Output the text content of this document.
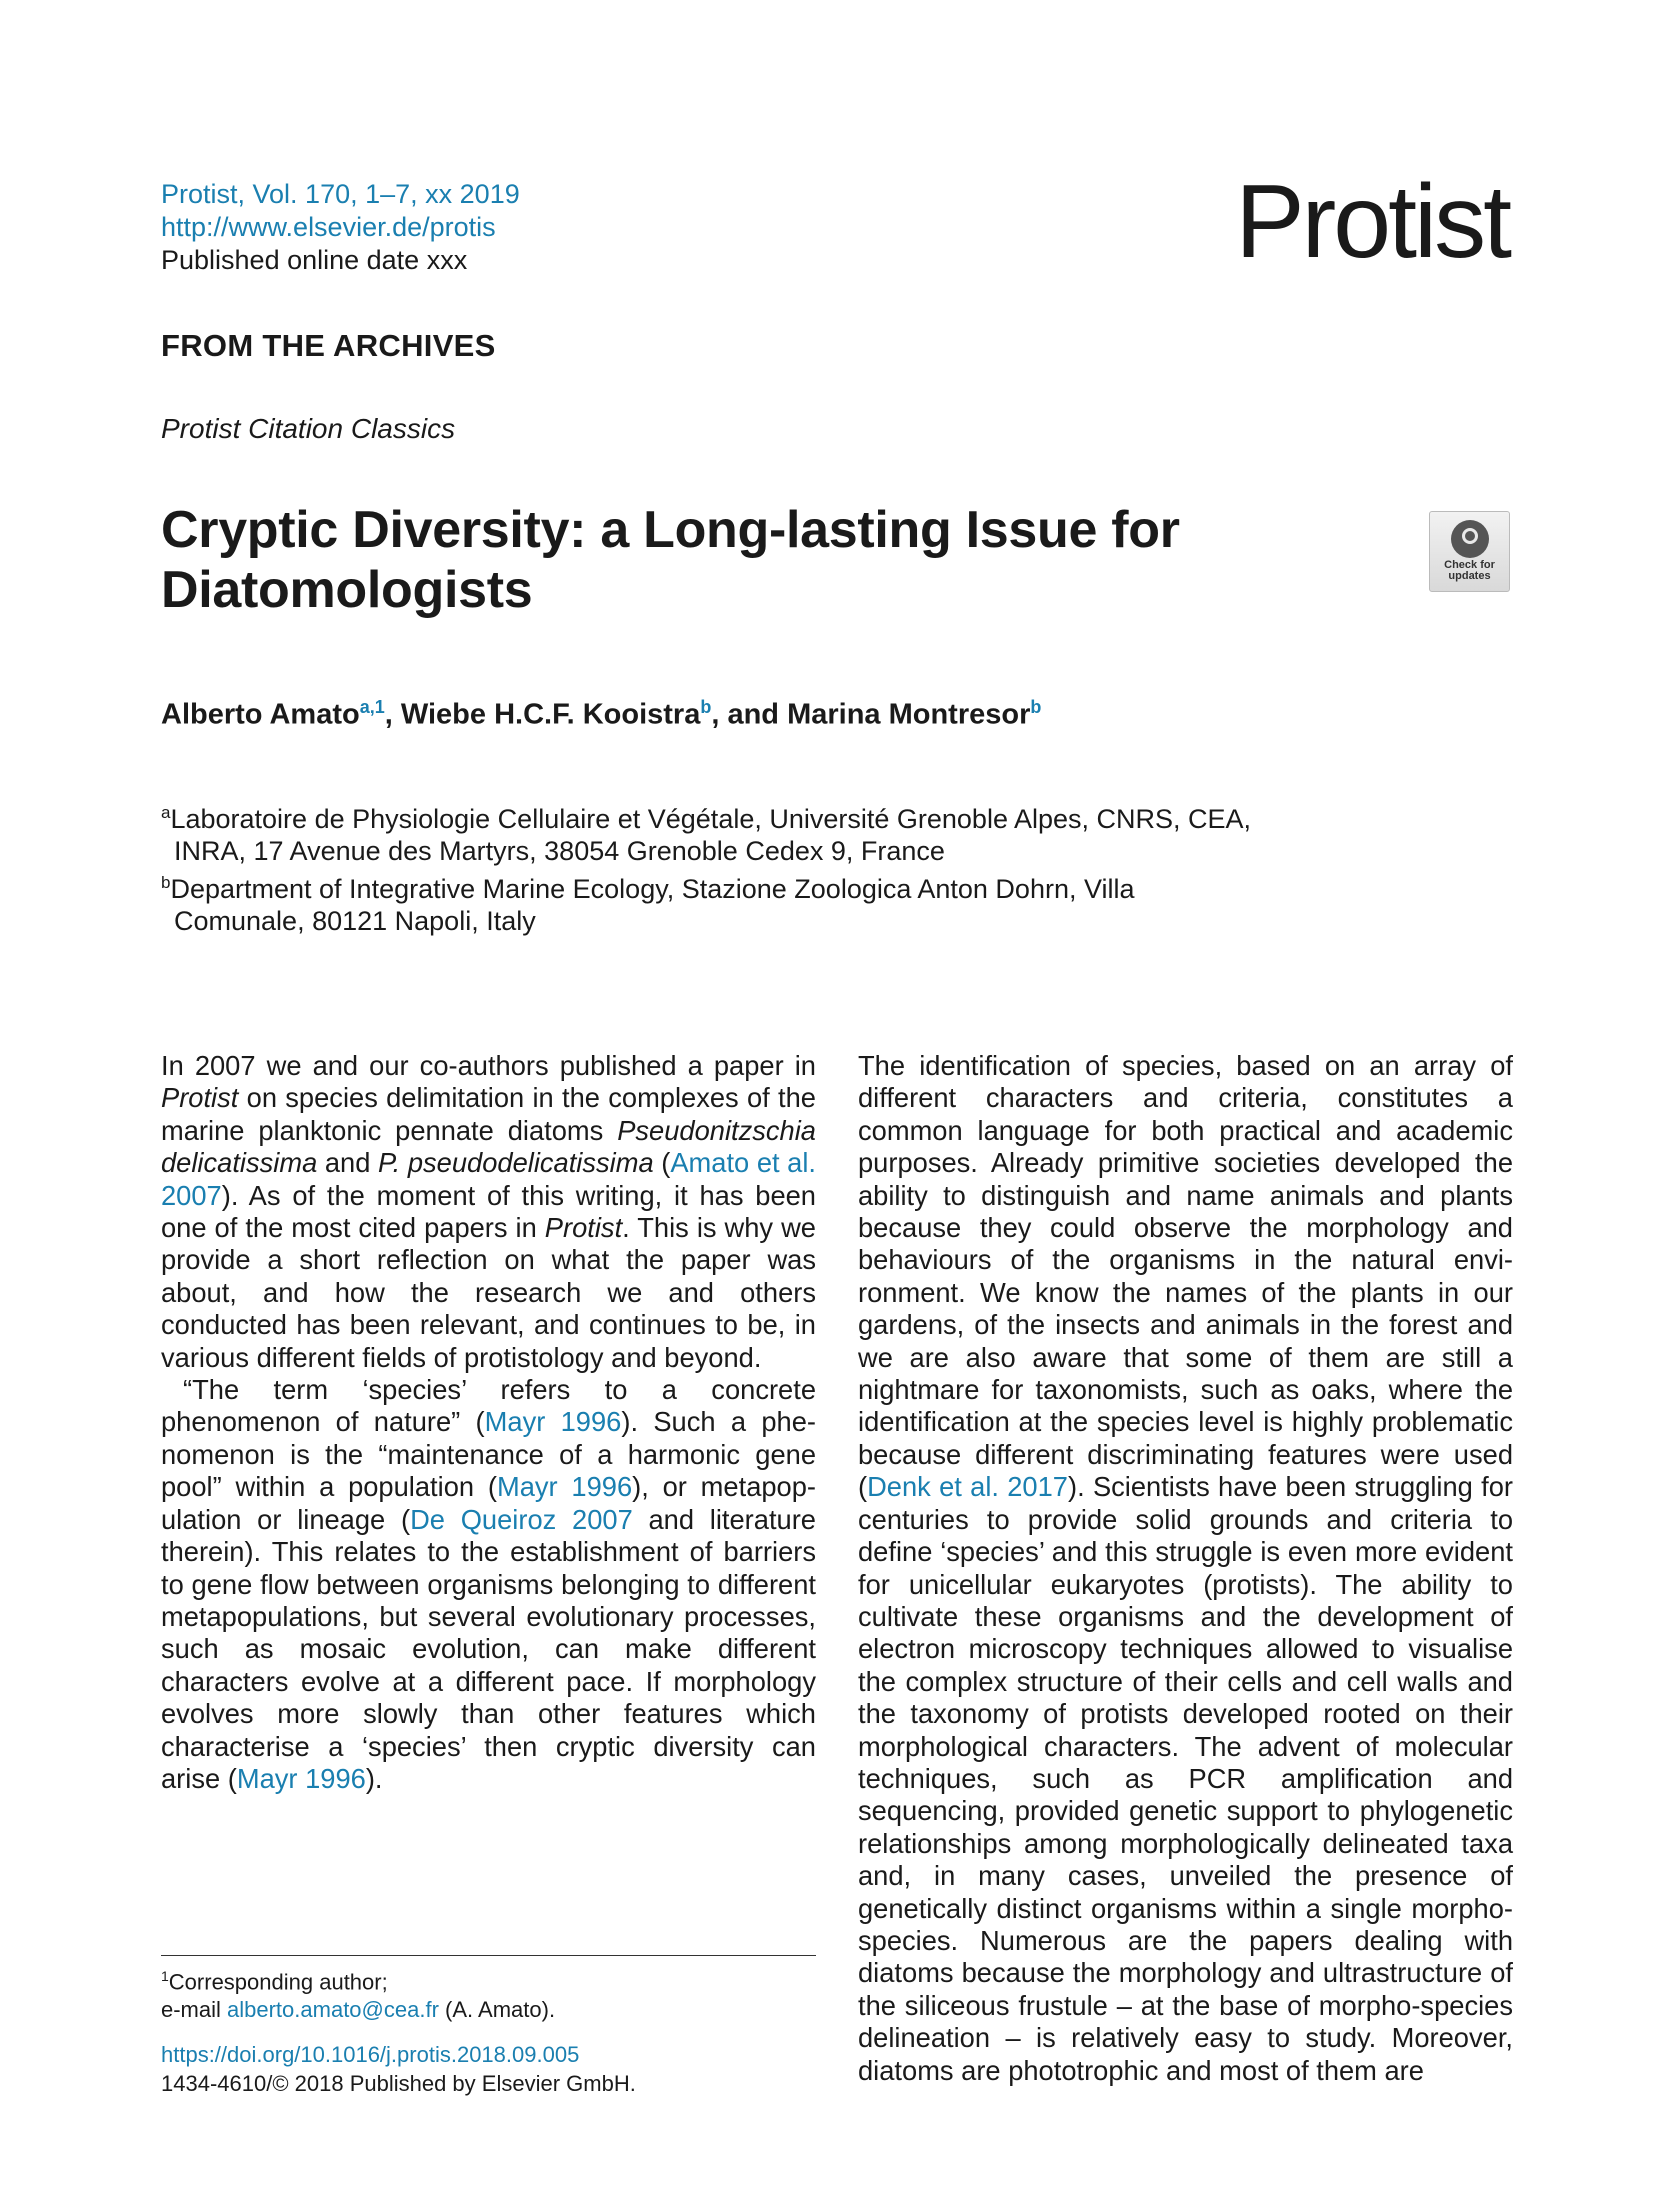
Protist, Vol. 170, 1–7, xx 2019
http://www.elsevier.de/protis
Published online date xxx	Protist
FROM THE ARCHIVES
Protist Citation Classics
Cryptic Diversity: a Long-lasting Issue for Diatomologists	Check for
updates
Alberto Amato$^{a,1}$, Wiebe H.C.F. Kooistra$^b$, and Marina Montresor$^b$
$^a$Laboratoire de Physiologie Cellulaire et Végétale, Université Grenoble Alpes, CNRS, CEA, INRA, 17 Avenue des Martyrs, 38054 Grenoble Cedex 9, France
$^b$Department of Integrative Marine Ecology, Stazione Zoologica Anton Dohrn, Villa Comunale, 80121 Napoli, Italy

In 2007 we and our co-authors published a paper in Protist on species delimitation in the complexes of the marine planktonic pennate diatoms Pseudonitzschia delicatissima and P. pseudodelicatissima (Amato et al. 2007). As of the moment of this writing, it has been one of the most cited papers in Protist. This is why we provide a short reflection on what the paper was about, and how the research we and others conducted has been relevant, and continues to be, in various different fields of protistology and beyond.

“The term ‘species’ refers to a concrete phenomenon of nature” (Mayr 1996). Such a phenomenon is the “maintenance of a harmonic gene pool” within a population (Mayr 1996), or metapopulation or lineage (De Queiroz 2007 and literature therein). This relates to the establishment of barriers to gene flow between organisms belonging to different metapopulations, but several evolutionary processes, such as mosaic evolution, can make different characters evolve at a different pace. If morphology evolves more slowly than other features which characterise a ‘species’ then cryptic diversity can arise (Mayr 1996).

The identification of species, based on an array of different characters and criteria, constitutes a common language for both practical and academic purposes. Already primitive societies developed the ability to distinguish and name animals and plants because they could observe the morphology and behaviours of the organisms in the natural environment. We know the names of the plants in our gardens, of the insects and animals in the forest and we are also aware that some of them are still a nightmare for taxonomists, such as oaks, where the identification at the species level is highly problematic because different discriminating features were used (Denk et al. 2017). Scientists have been struggling for centuries to provide solid grounds and criteria to define ‘species’ and this struggle is even more evident for unicellular eukaryotes (protists). The ability to cultivate these organisms and the development of electron microscopy techniques allowed to visualise the complex structure of their cells and cell walls and the taxonomy of protists developed rooted on their morphological characters. The advent of molecular techniques, such as PCR amplification and sequencing, provided genetic support to phylogenetic relationships among morphologically delineated taxa and, in many cases, unveiled the presence of genetically distinct organisms within a single morpho-species. Numerous are the papers dealing with diatoms because the morphology and ultrastructure of the siliceous frustule – at the base of morpho-species delineation – is relatively easy to study. Moreover, diatoms are phototrophic and most of them are

$^1$Corresponding author;
e-mail alberto.amato@cea.fr (A. Amato).
https://doi.org/10.1016/j.protis.2018.09.005
1434-4610/© 2018 Published by Elsevier GmbH.
